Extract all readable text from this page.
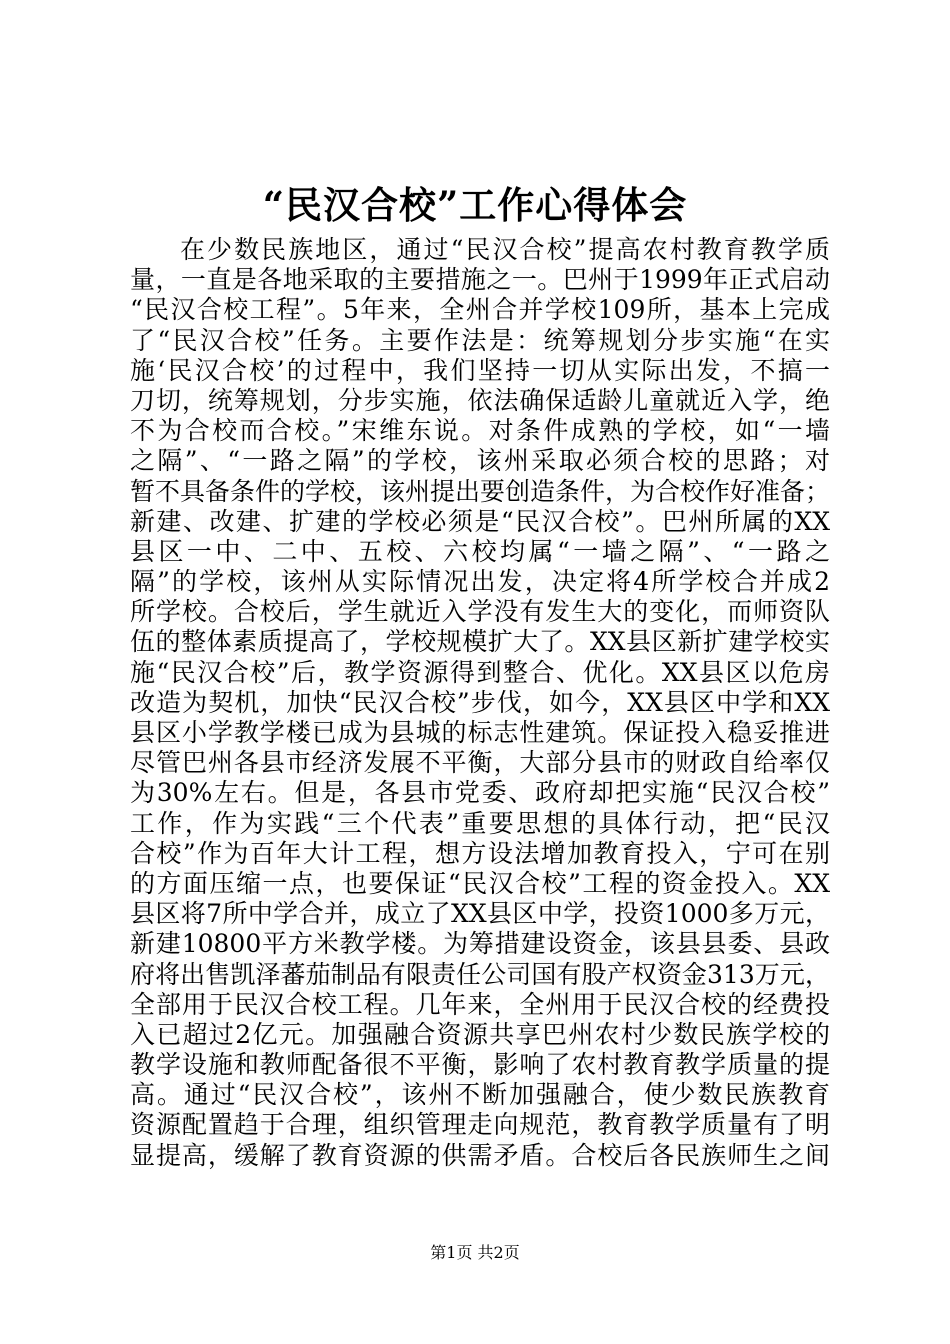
“民汉合校”工作心得体会
在少数民族地区，通过“民汉合校”提高农村教育教学质
量，一直是各地采取的主要措施之一。巴州于1999年正式启动
“民汉合校工程”。5年来，全州合并学校109所，基本上完成
了“民汉合校”任务。主要作法是：统筹规划分步实施“在实
施‘民汉合校’的过程中，我们坚持一切从实际出发，不搞一
刀切，统筹规划，分步实施，依法确保适龄儿童就近入学，绝
不为合校而合校。”宋维东说。对条件成熟的学校，如“一墙
之隔”、“一路之隔”的学校，该州采取必须合校的思路；对
暂不具备条件的学校，该州提出要创造条件，为合校作好准备；
新建、改建、扩建的学校必须是“民汉合校”。巴州所属的XX
县区一中、二中、五校、六校均属“一墙之隔”、“一路之
隔”的学校，该州从实际情况出发，决定将4所学校合并成2
所学校。合校后，学生就近入学没有发生大的变化，而师资队
伍的整体素质提高了，学校规模扩大了。XX县区新扩建学校实
施“民汉合校”后，教学资源得到整合、优化。XX县区以危房
改造为契机，加快“民汉合校”步伐，如今，XX县区中学和XX
县区小学教学楼已成为县城的标志性建筑。保证投入稳妥推进
尽管巴州各县市经济发展不平衡，大部分县市的财政自给率仅
为30%左右。但是，各县市党委、政府却把实施“民汉合校”
工作，作为实践“三个代表”重要思想的具体行动，把“民汉
合校”作为百年大计工程，想方设法增加教育投入，宁可在别
的方面压缩一点，也要保证“民汉合校”工程的资金投入。XX
县区将7所中学合并，成立了XX县区中学，投资1000多万元，
新建10800平方米教学楼。为筹措建设资金，该县县委、县政
府将出售凯泽蕃茄制品有限责任公司国有股产权资金313万元，
全部用于民汉合校工程。几年来，全州用于民汉合校的经费投
入已超过2亿元。加强融合资源共享巴州农村少数民族学校的
教学设施和教师配备很不平衡，影响了农村教育教学质量的提
高。通过“民汉合校”，该州不断加强融合，使少数民族教育
资源配置趋于合理，组织管理走向规范，教育教学质量有了明
显提高，缓解了教育资源的供需矛盾。合校后各民族师生之间
第1页 共2页
